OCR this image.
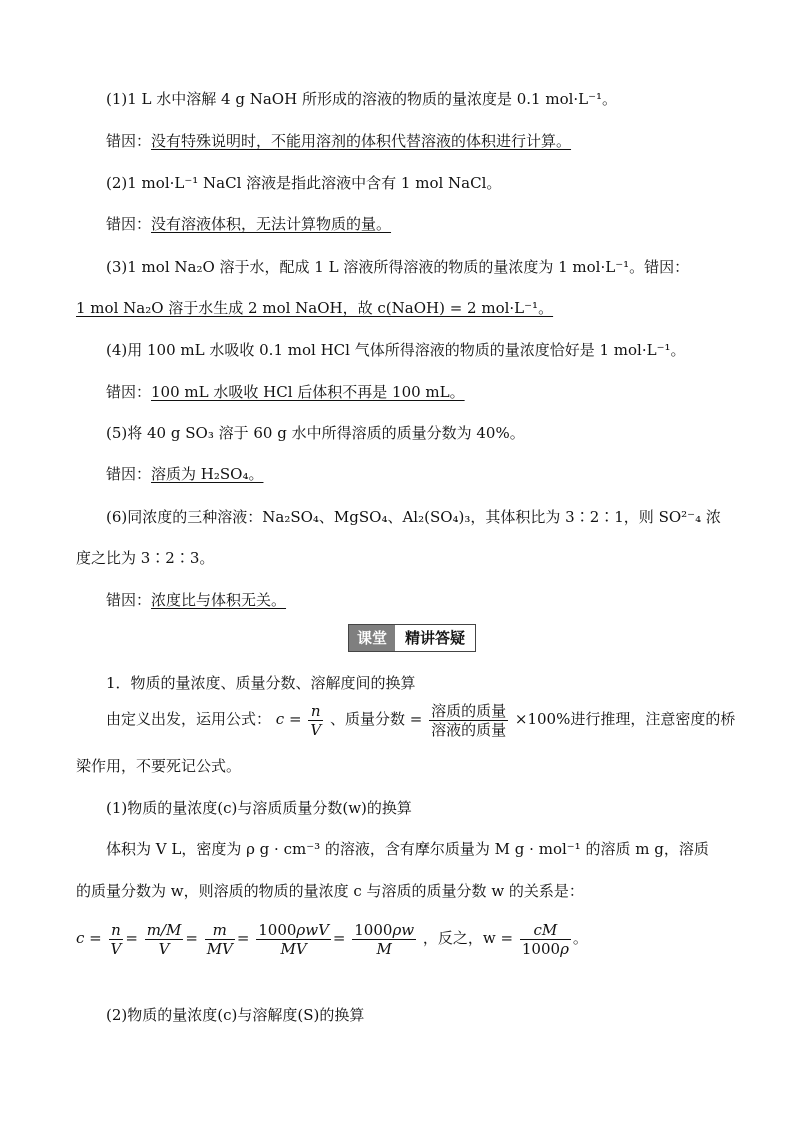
(1)1 L 水中溶解 4 g NaOH 所形成的溶液的物质的量浓度是 0.1 mol·L⁻¹。
错因：没有特殊说明时，不能用溶剂的体积代替溶液的体积进行计算。
(2)1 mol·L⁻¹ NaCl 溶液是指此溶液中含有 1 mol NaCl。
错因：没有溶液体积，无法计算物质的量。
(3)1 mol Na₂O 溶于水，配成 1 L 溶液所得溶液的物质的量浓度为 1 mol·L⁻¹。错因：
1 mol Na₂O 溶于水生成 2 mol NaOH，故 c(NaOH) = 2 mol·L⁻¹。
(4)用 100 mL 水吸收 0.1 mol HCl 气体所得溶液的物质的量浓度恰好是 1 mol·L⁻¹。
错因：100 mL 水吸收 HCl 后体积不再是 100 mL。
(5)将 40 g SO₃ 溶于 60 g 水中所得溶质的质量分数为 40%。
错因：溶质为 H₂SO₄。
(6)同浓度的三种溶液：Na₂SO₄、MgSO₄、Al₂(SO₄)₃，其体积比为 3∶2∶1，则 SO²⁻₄ 浓
度之比为 3∶2∶3。
错因：浓度比与体积无关。
课堂	精讲答疑
1．物质的量浓度、质量分数、溶解度间的换算
由定义出发，运用公式： $c = \frac{n}{V}$ 、质量分数 = $\frac{\text{溶质的质量}}{\text{溶液的质量}} \times 100\%$进行推理，注意密度的桥
梁作用，不要死记公式。
(1)物质的量浓度(c)与溶质质量分数(w)的换算
体积为 V L，密度为 ρ g · cm⁻³ 的溶液，含有摩尔质量为 M g · mol⁻¹ 的溶质 m g，溶质
的质量分数为 w，则溶质的物质的量浓度 c 与溶质的质量分数 w 的关系是：
$c = \frac{n}{V} = \frac{m/M}{V} = \frac{m}{MV} = \frac{\text{1000ρwV}}{MV} = \frac{1000\rho w}{M}$ ，反之，$w = \frac{cM}{1000\rho}$ 。
(2)物质的量浓度(c)与溶解度(S)的换算
